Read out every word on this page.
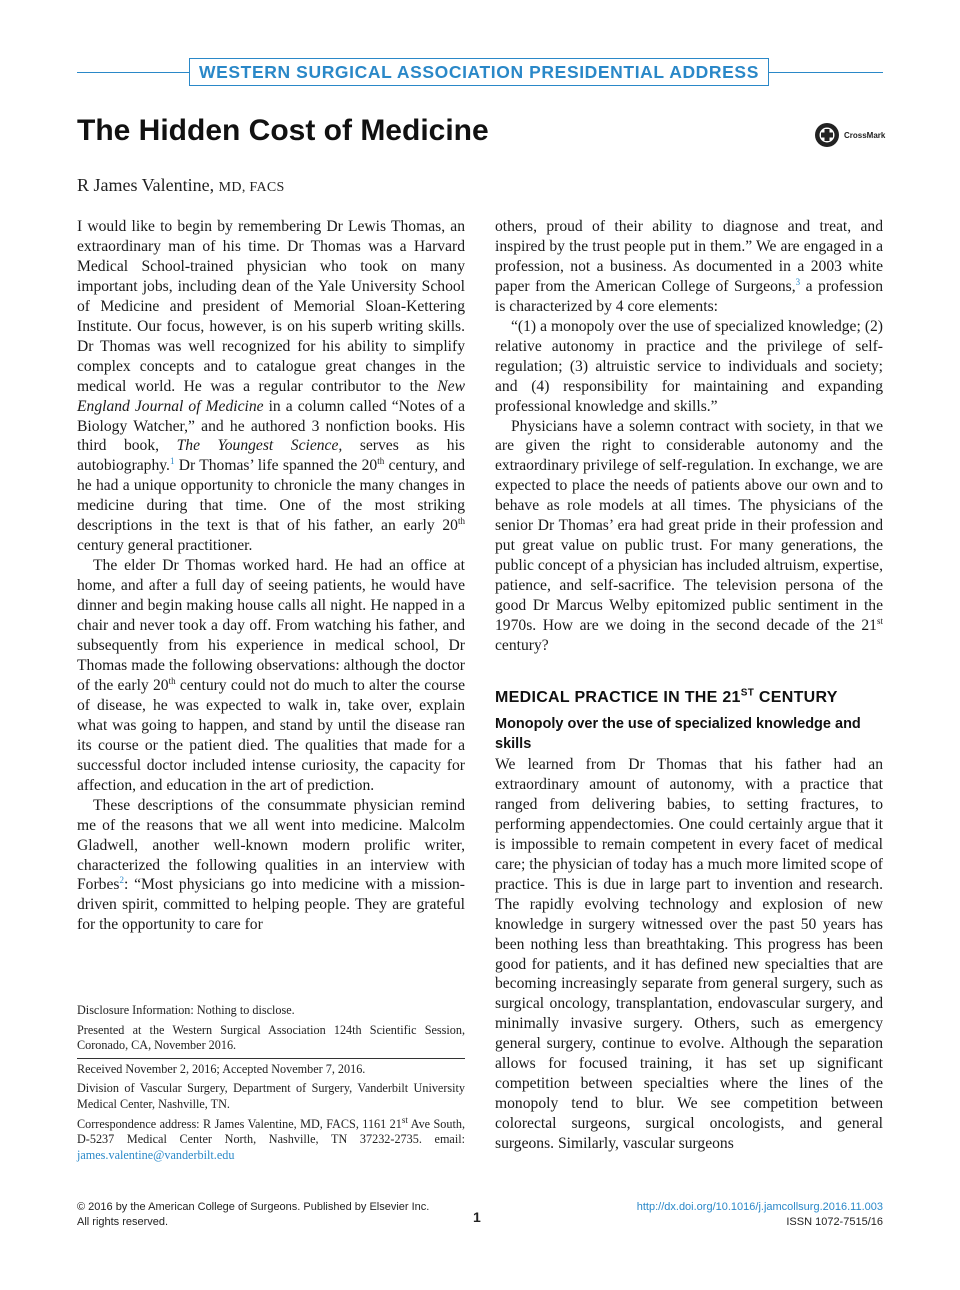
WESTERN SURGICAL ASSOCIATION PRESIDENTIAL ADDRESS
The Hidden Cost of Medicine	CrossMark
R James Valentine, MD, FACS

I would like to begin by remembering Dr Lewis Thomas, an extraordinary man of his time. Dr Thomas was a Harvard Medical School-trained physician who took on many important jobs, including dean of the Yale University School of Medicine and president of Memorial Sloan-Kettering Institute. Our focus, however, is on his superb writing skills. Dr Thomas was well recognized for his ability to simplify complex concepts and to catalogue great changes in the medical world. He was a regular contributor to the New England Journal of Medicine in a column called “Notes of a Biology Watcher,” and he authored 3 nonfiction books. His third book, The Youngest Science, serves as his autobiography.$^1$ Dr Thomas’ life spanned the 20th century, and he had a unique opportunity to chronicle the many changes in medicine during that time. One of the most striking descriptions in the text is that of his father, an early 20th century general practitioner.

The elder Dr Thomas worked hard. He had an office at home, and after a full day of seeing patients, he would have dinner and begin making house calls all night. He napped in a chair and never took a day off. From watching his father, and subsequently from his experience in medical school, Dr Thomas made the following observations: although the doctor of the early 20th century could not do much to alter the course of disease, he was expected to walk in, take over, explain what was going to happen, and stand by until the disease ran its course or the patient died. The qualities that made for a successful doctor included intense curiosity, the capacity for affection, and education in the art of prediction.

These descriptions of the consummate physician remind me of the reasons that we all went into medicine. Malcolm Gladwell, another well-known modern prolific writer, characterized the following qualities in an interview with Forbes$^2$: “Most physicians go into medicine with a mission-driven spirit, committed to helping people. They are grateful for the opportunity to care for

others, proud of their ability to diagnose and treat, and inspired by the trust people put in them.” We are engaged in a profession, not a business. As documented in a 2003 white paper from the American College of Surgeons,$^3$ a profession is characterized by 4 core elements:

“(1) a monopoly over the use of specialized knowledge; (2) relative autonomy in practice and the privilege of self-regulation; (3) altruistic service to individuals and society; and (4) responsibility for maintaining and expanding professional knowledge and skills.”

Physicians have a solemn contract with society, in that we are given the right to considerable autonomy and the extraordinary privilege of self-regulation. In exchange, we are expected to place the needs of patients above our own and to behave as role models at all times. The physicians of the senior Dr Thomas’ era had great pride in their profession and put great value on public trust. For many generations, the public concept of a physician has included altruism, expertise, patience, and self-sacrifice. The television persona of the good Dr Marcus Welby epitomized public sentiment in the 1970s. How are we doing in the second decade of the 21st century?

MEDICAL PRACTICE IN THE 21ST CENTURY
Monopoly over the use of specialized knowledge and skills

We learned from Dr Thomas that his father had an extraordinary amount of autonomy, with a practice that ranged from delivering babies, to setting fractures, to performing appendectomies. One could certainly argue that it is impossible to remain competent in every facet of medical care; the physician of today has a much more limited scope of practice. This is due in large part to invention and research. The rapidly evolving technology and explosion of new knowledge in surgery witnessed over the past 50 years has been nothing less than breathtaking. This progress has been good for patients, and it has defined new specialties that are becoming increasingly separate from general surgery, such as surgical oncology, transplantation, endovascular surgery, and minimally invasive surgery. Others, such as emergency general surgery, continue to evolve. Although the separation allows for focused training, it has set up significant competition between specialties where the lines of the monopoly tend to blur. We see competition between colorectal surgeons, surgical oncologists, and general surgeons. Similarly, vascular surgeons

Disclosure Information: Nothing to disclose.

Presented at the Western Surgical Association 124th Scientific Session, Coronado, CA, November 2016.

Received November 2, 2016; Accepted November 7, 2016.

Division of Vascular Surgery, Department of Surgery, Vanderbilt University Medical Center, Nashville, TN.

Correspondence address: R James Valentine, MD, FACS, 1161 21st Ave South, D-5237 Medical Center North, Nashville, TN 37232-2735. email: james.valentine@vanderbilt.edu

© 2016 by the American College of Surgeons. Published by Elsevier Inc.
All rights reserved.	1
http://dx.doi.org/10.1016/j.jamcollsurg.2016.11.003
ISSN 1072-7515/16
